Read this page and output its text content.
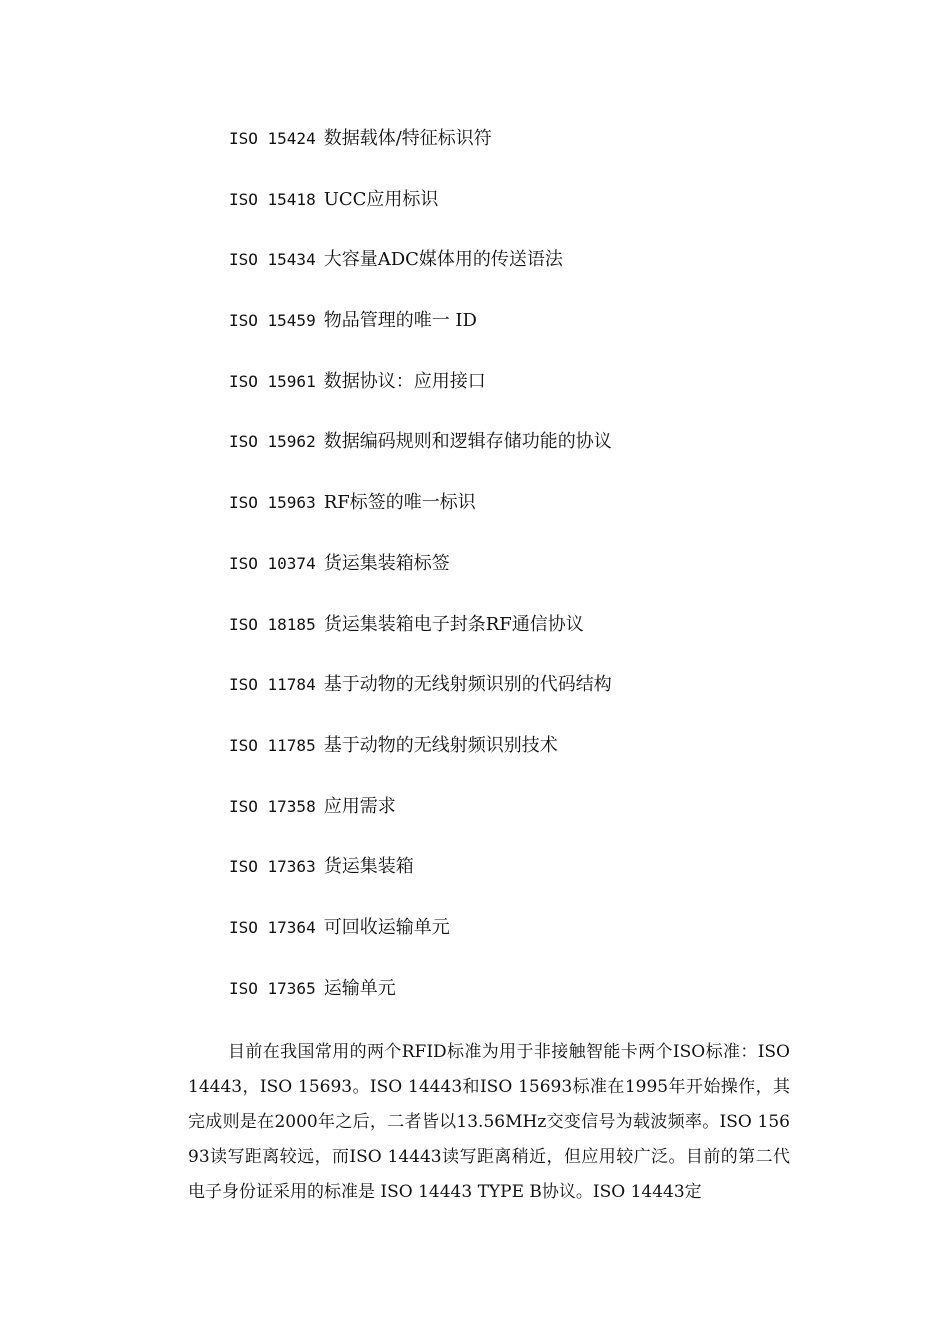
ISO 15424 数据载体/特征标识符
ISO 15418 UCC应用标识
ISO 15434 大容量ADC媒体用的传送语法
ISO 15459 物品管理的唯一 ID
ISO 15961 数据协议：应用接口
ISO 15962 数据编码规则和逻辑存储功能的协议
ISO 15963 RF标签的唯一标识
ISO 10374 货运集装箱标签
ISO 18185 货运集装箱电子封条RF通信协议
ISO 11784 基于动物的无线射频识别的代码结构
ISO 11785 基于动物的无线射频识别技术
ISO 17358 应用需求
ISO 17363 货运集装箱
ISO 17364 可回收运输单元
ISO 17365 运输单元

目前在我国常用的两个RFID标准为用于非接触智能卡两个ISO标准：ISO 14443，ISO 15693。ISO 14443和ISO 15693标准在1995年开始操作，其完成则是在2000年之后，二者皆以13.56MHz交变信号为载波频率。ISO 15693读写距离较远，而ISO 14443读写距离稍近，但应用较广泛。目前的第二代电子身份证采用的标准是 ISO 14443 TYPE B协议。ISO 14443定
